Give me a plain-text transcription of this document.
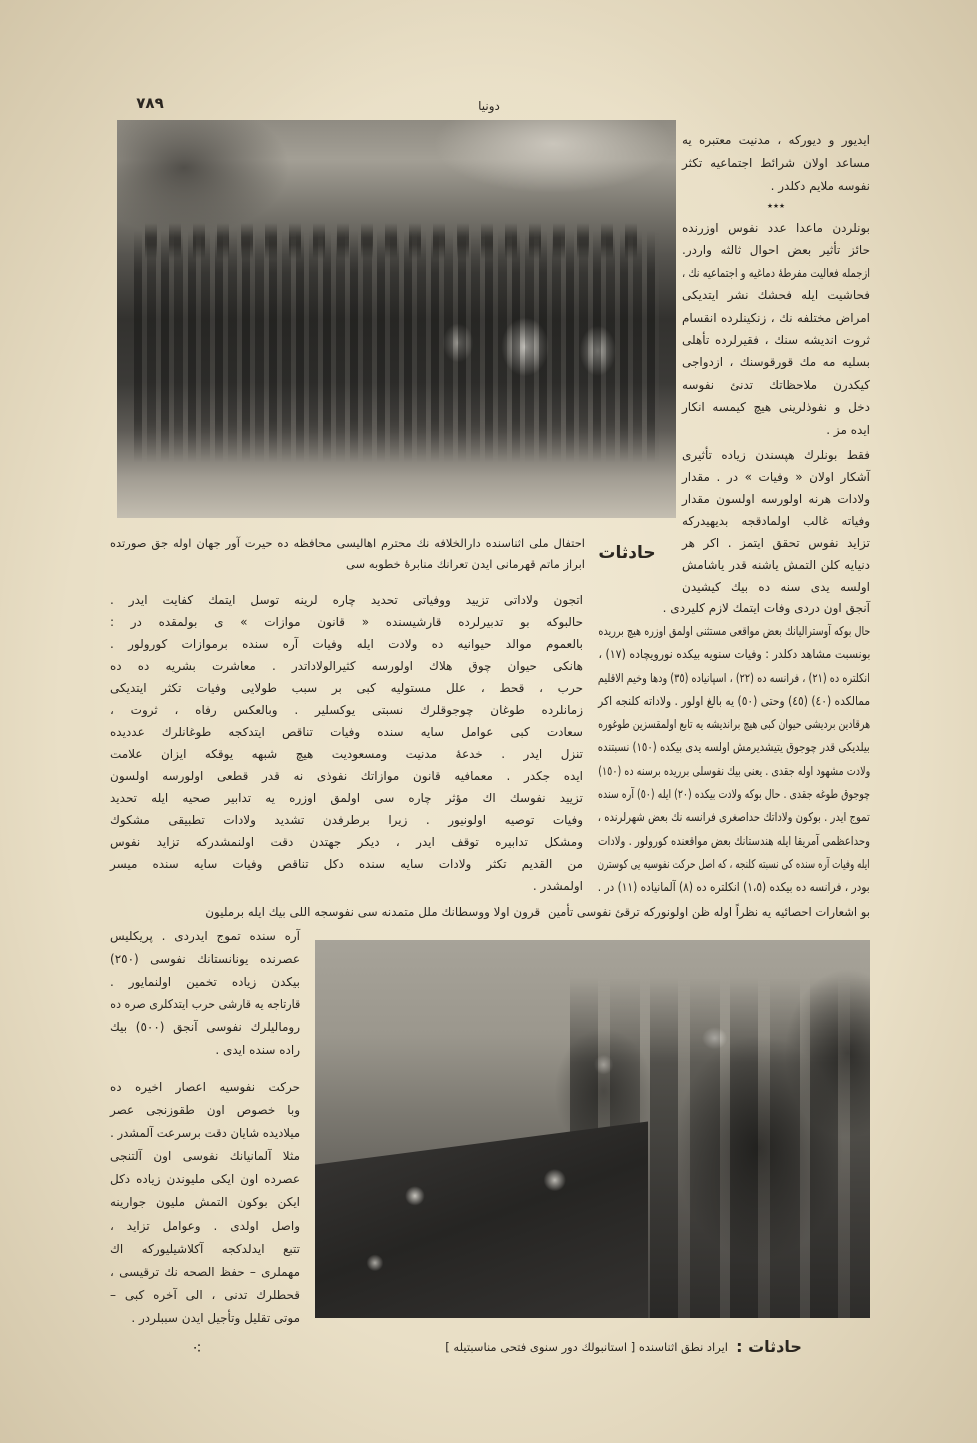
٧٨٩	دونيا
احتفال ملى اثناسنده دارالخلافه نك محترم اهاليسى محافظه ده حيرت آور جهان اوله جق صورتده
ابراز ماتم قهرمانى ايدن تعرانك منابرهٔ خطوبه سى
حادثات
ايديور و ديوركه ، مدنيت معتبره يه
مساعد اولان شرائط اجتماعيه تكثر
نفوسه ملايم دكلدر .
٭٭٭
بونلردن ماعدا عدد نفوس اوزرنده
حائز تأثير بعض احوال ثالثه واردر.
ازجمله فعاليت مفرطهٔ دماغيه و اجتماعيه نك ،
فحاشيت ايله فحشك نشر ايتديكى
امراض مختلفه نك ، زنكينلرده انقسام
ثروت انديشه سنك ، فقيرلرده تأهلى
بسليه مه مك قورقوسنك ، ازدواجى
كيكدرن ملاحظاتك تدنئ نفوسه
دخل و نفوذلرينى هيچ كيمسه انكار
ايده مز .
فقط بونلرك هپسندن زياده تأثيرى
آشكار اولان « وفيات » در . مقدار
ولادات هرنه اولورسه اولسون مقدار
وفياته غالب اولمادقجه بديهيدركه
تزايد نفوس تحقق ايتمز . اكر هر
دنيايه كلن التمش ياشنه قدر ياشامش
اولسه يدى سنه ده بيك كيشيدن
آنجق اون دردى وفات ايتمك لازم كليردى .
اتجون ولاداتى تزييد ووفياتى تحديد چاره لرينه توسل ايتمك كفايت ايدر .
حالبوكه بو تدبيرلرده قارشيسنده « قانون موازات » ى بولمقده در :
بالعموم موالد حيوانيه ده ولادت ايله وفيات آره سنده برموازات كورولور .
هانكى حيوان چوق هلاك اولورسه كثيرالولاداتدر . معاشرت بشريه ده ده
حرب ، قحط ، علل مستوليه كبى بر سبب طولايى وفيات تكثر ايتديكى
زمانلرده طوغان چوجوقلرك نسبتى يوكسلير . وبالعكس رفاه ، ثروت ،
سعادت كبى عوامل سايه سنده وفيات تناقص ايتدكجه طوغانلرك عدديده
تنزل ايدر . خدعهٔ مدنيت ومسعوديت هيچ شبهه يوقكه ايزان علامت
ايده جكدر . معمافيه قانون موازاتك نفوذى نه قدر قطعى اولورسه اولسون
تزييد نفوسك اك مؤثر چاره سى اولمق اوزره يه تدابير صحيه ايله تحديد
وفيات توصيه اولونيور . زيرا برطرفدن تشديد ولادات تطبيقى مشكوك
ومشكل تدابيره توقف ايدر ، ديكر جهتدن دقت اولنمشدركه تزايد نفوس
من القديم تكثر ولادات سايه سنده دكل تناقص وفيات سايه سنده ميسر
اولمشدر .
حال بوكه آوستراليانك بعض مواقعى مستثنى اولمق اوزره هيچ برريده
بونسبت مشاهد دكلدر : وفيات سنويه بيكده نورويچاده (١٧) ،
انكلتره ده (٢١) ، فرانسه ده (٢٢) ، اسپانياده (٣٥) ودها وخيم الاقليم
ممالكده (٤٠) (٤٥) وحتى (٥٠) يه بالغ اولور . ولاداته كلنجه اكر
هرقادين برديشى حيوان كبى هيچ برانديشه يه تابع اولمقسزين طوغوره
بيلديكى قدر چوجوق يتيشديرمش اولسه يدى بيكده (١٥٠) نسبتنده
ولادت مشهود اوله جقدى . يعنى بيك نفوسلى برريده برسنه ده (١٥٠)
چوجوق طوغه جقدى . حال بوكه ولادت بيكده (٢٠) ايله (٥٠) آره سنده
تموج ايدر . بوكون ولاداتك حداصغرى فرانسه نك بعض شهرلرنده ،
وحداعظمى آمريقا ايله هندستانك بعض مواقعنده كورولور . ولادات
ايله وفيات آره سنده كى نسبته كلنجه ، كه اصل حركت نفوسيه يى كوسترن
بودر ، فرانسه ده بيكده (١،٥) انكلتره ده (٨) آلمانياده (١١) در .
قرون اولا ووسطانك ملل متمدنه سى نفوسجه اللى بيك ايله برمليون بو اشعارات احصائيه يه نظراً اوله ظن اولونوركه ترقئ نفوسى تأمين
آره سنده تموج ايدردى . پريكليس
عصرنده يونانستانك نفوسى (٢٥٠)
بيكدن زياده تخمين اولنمايور .
قارتاجه يه قارشى حرب ايتدكلرى صره ده
روماليلرك نفوسى آنجق (٥٠٠) بيك
راده سنده ايدى .
حركت نفوسيه اعصار اخيره ده
وبا خصوص اون طقوزنجى عصر
ميلاديده شايان دقت برسرعت آلمشدر .
مثلا آلمانيانك نفوسى اون آلتنجى
عصرده اون ايكى مليوندن زياده دكل
ايكن بوكون التمش مليون جوارينه
واصل اولدى . وعوامل تزايد ،
تتبع ايدلدكجه آكلاشيليوركه اك
مهملرى – حفظ الصحه نك ترقيسى ،
قحطلرك تدنى ، الى آخره كبى –
موتى تقليل وتأجيل ايدن سببلردر .
⁖	حادثات :
ايراد نطق اثناسنده [ استانبولك دور سنوى فتحى مناسبتيله ]
